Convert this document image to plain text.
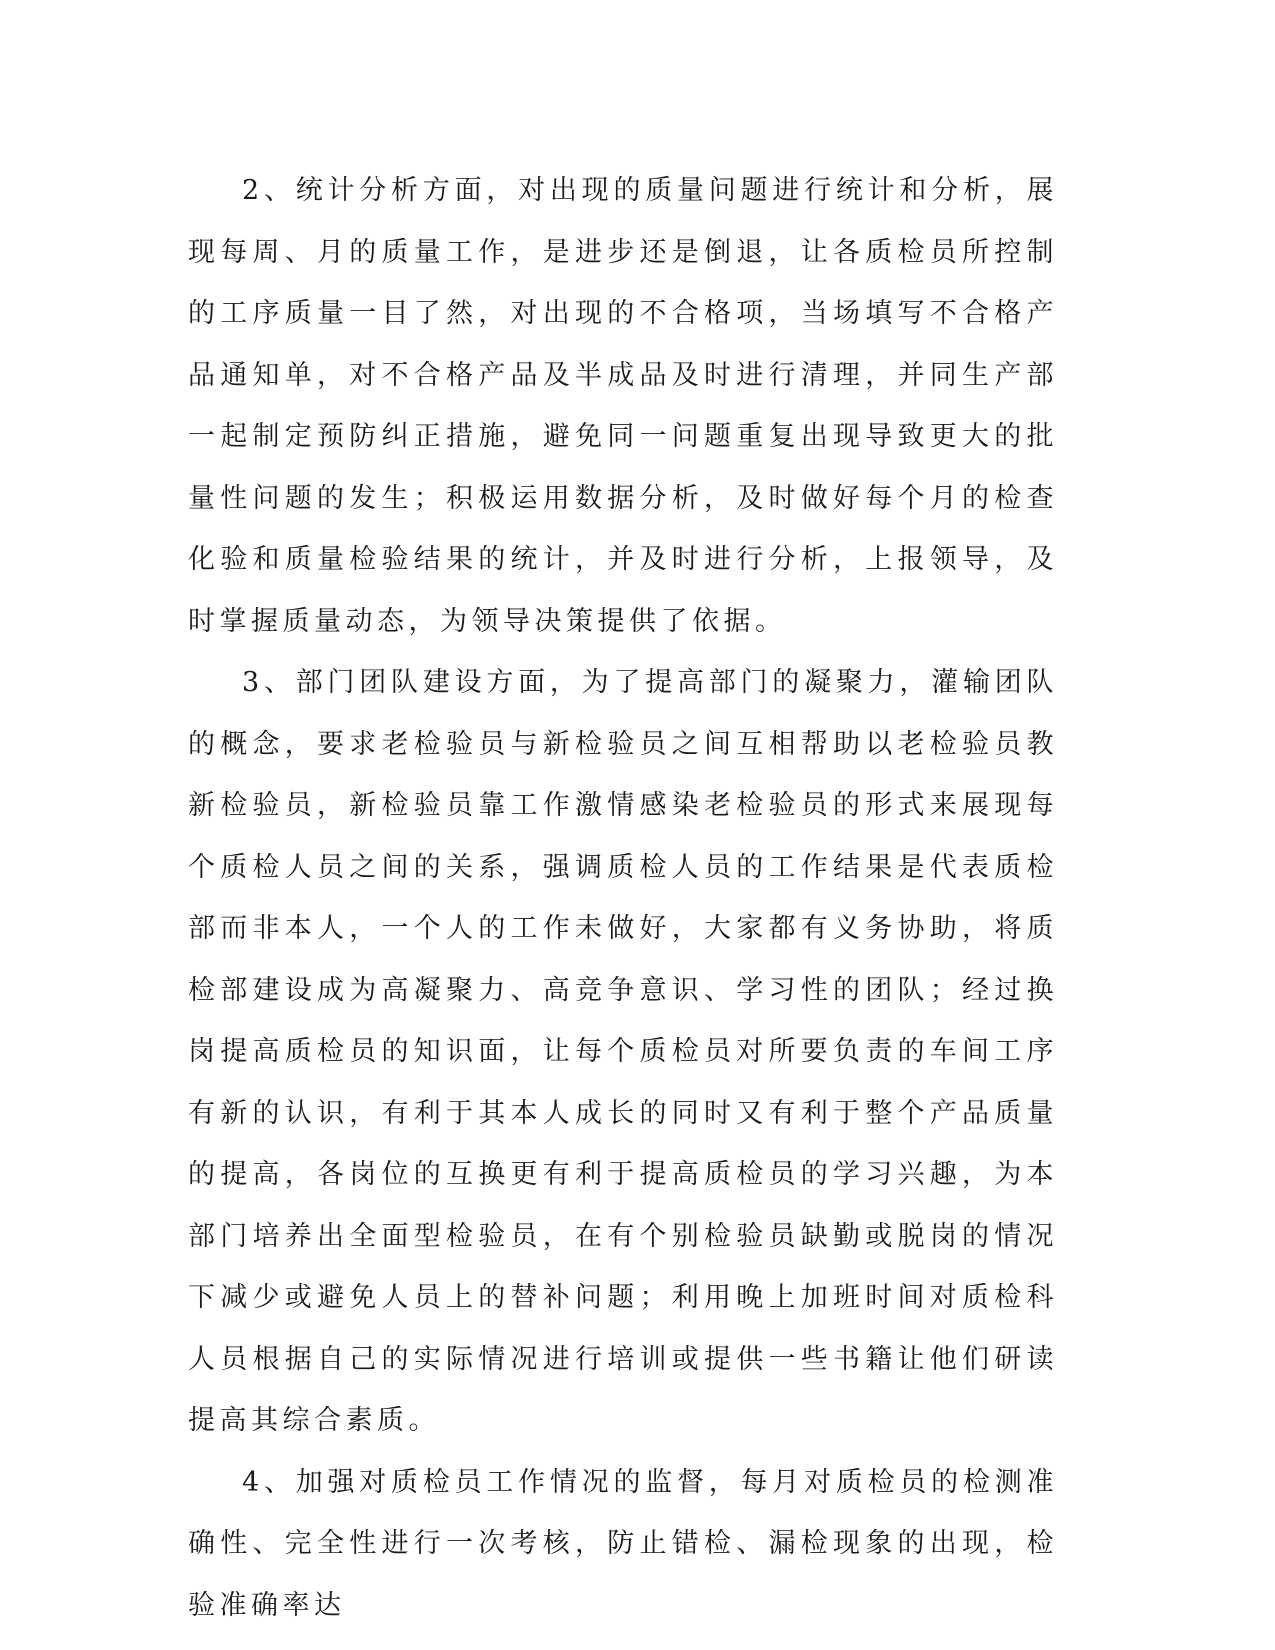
2、统计分析方面，对出现的质量问题进行统计和分析，展现每周、月的质量工作，是进步还是倒退，让各质检员所控制的工序质量一目了然，对出现的不合格项，当场填写不合格产品通知单，对不合格产品及半成品及时进行清理，并同生产部一起制定预防纠正措施，避免同一问题重复出现导致更大的批量性问题的发生；积极运用数据分析，及时做好每个月的检查化验和质量检验结果的统计，并及时进行分析，上报领导，及时掌握质量动态，为领导决策提供了依据。

3、部门团队建设方面，为了提高部门的凝聚力，灌输团队的概念，要求老检验员与新检验员之间互相帮助以老检验员教新检验员，新检验员靠工作激情感染老检验员的形式来展现每个质检人员之间的关系，强调质检人员的工作结果是代表质检部而非本人，一个人的工作未做好，大家都有义务协助，将质检部建设成为高凝聚力、高竞争意识、学习性的团队；经过换岗提高质检员的知识面，让每个质检员对所要负责的车间工序有新的认识，有利于其本人成长的同时又有利于整个产品质量的提高，各岗位的互换更有利于提高质检员的学习兴趣，为本部门培养出全面型检验员，在有个别检验员缺勤或脱岗的情况下减少或避免人员上的替补问题；利用晚上加班时间对质检科人员根据自己的实际情况进行培训或提供一些书籍让他们研读提高其综合素质。

4、加强对质检员工作情况的监督，每月对质检员的检测准确性、完全性进行一次考核，防止错检、漏检现象的出现，检验准确率达
